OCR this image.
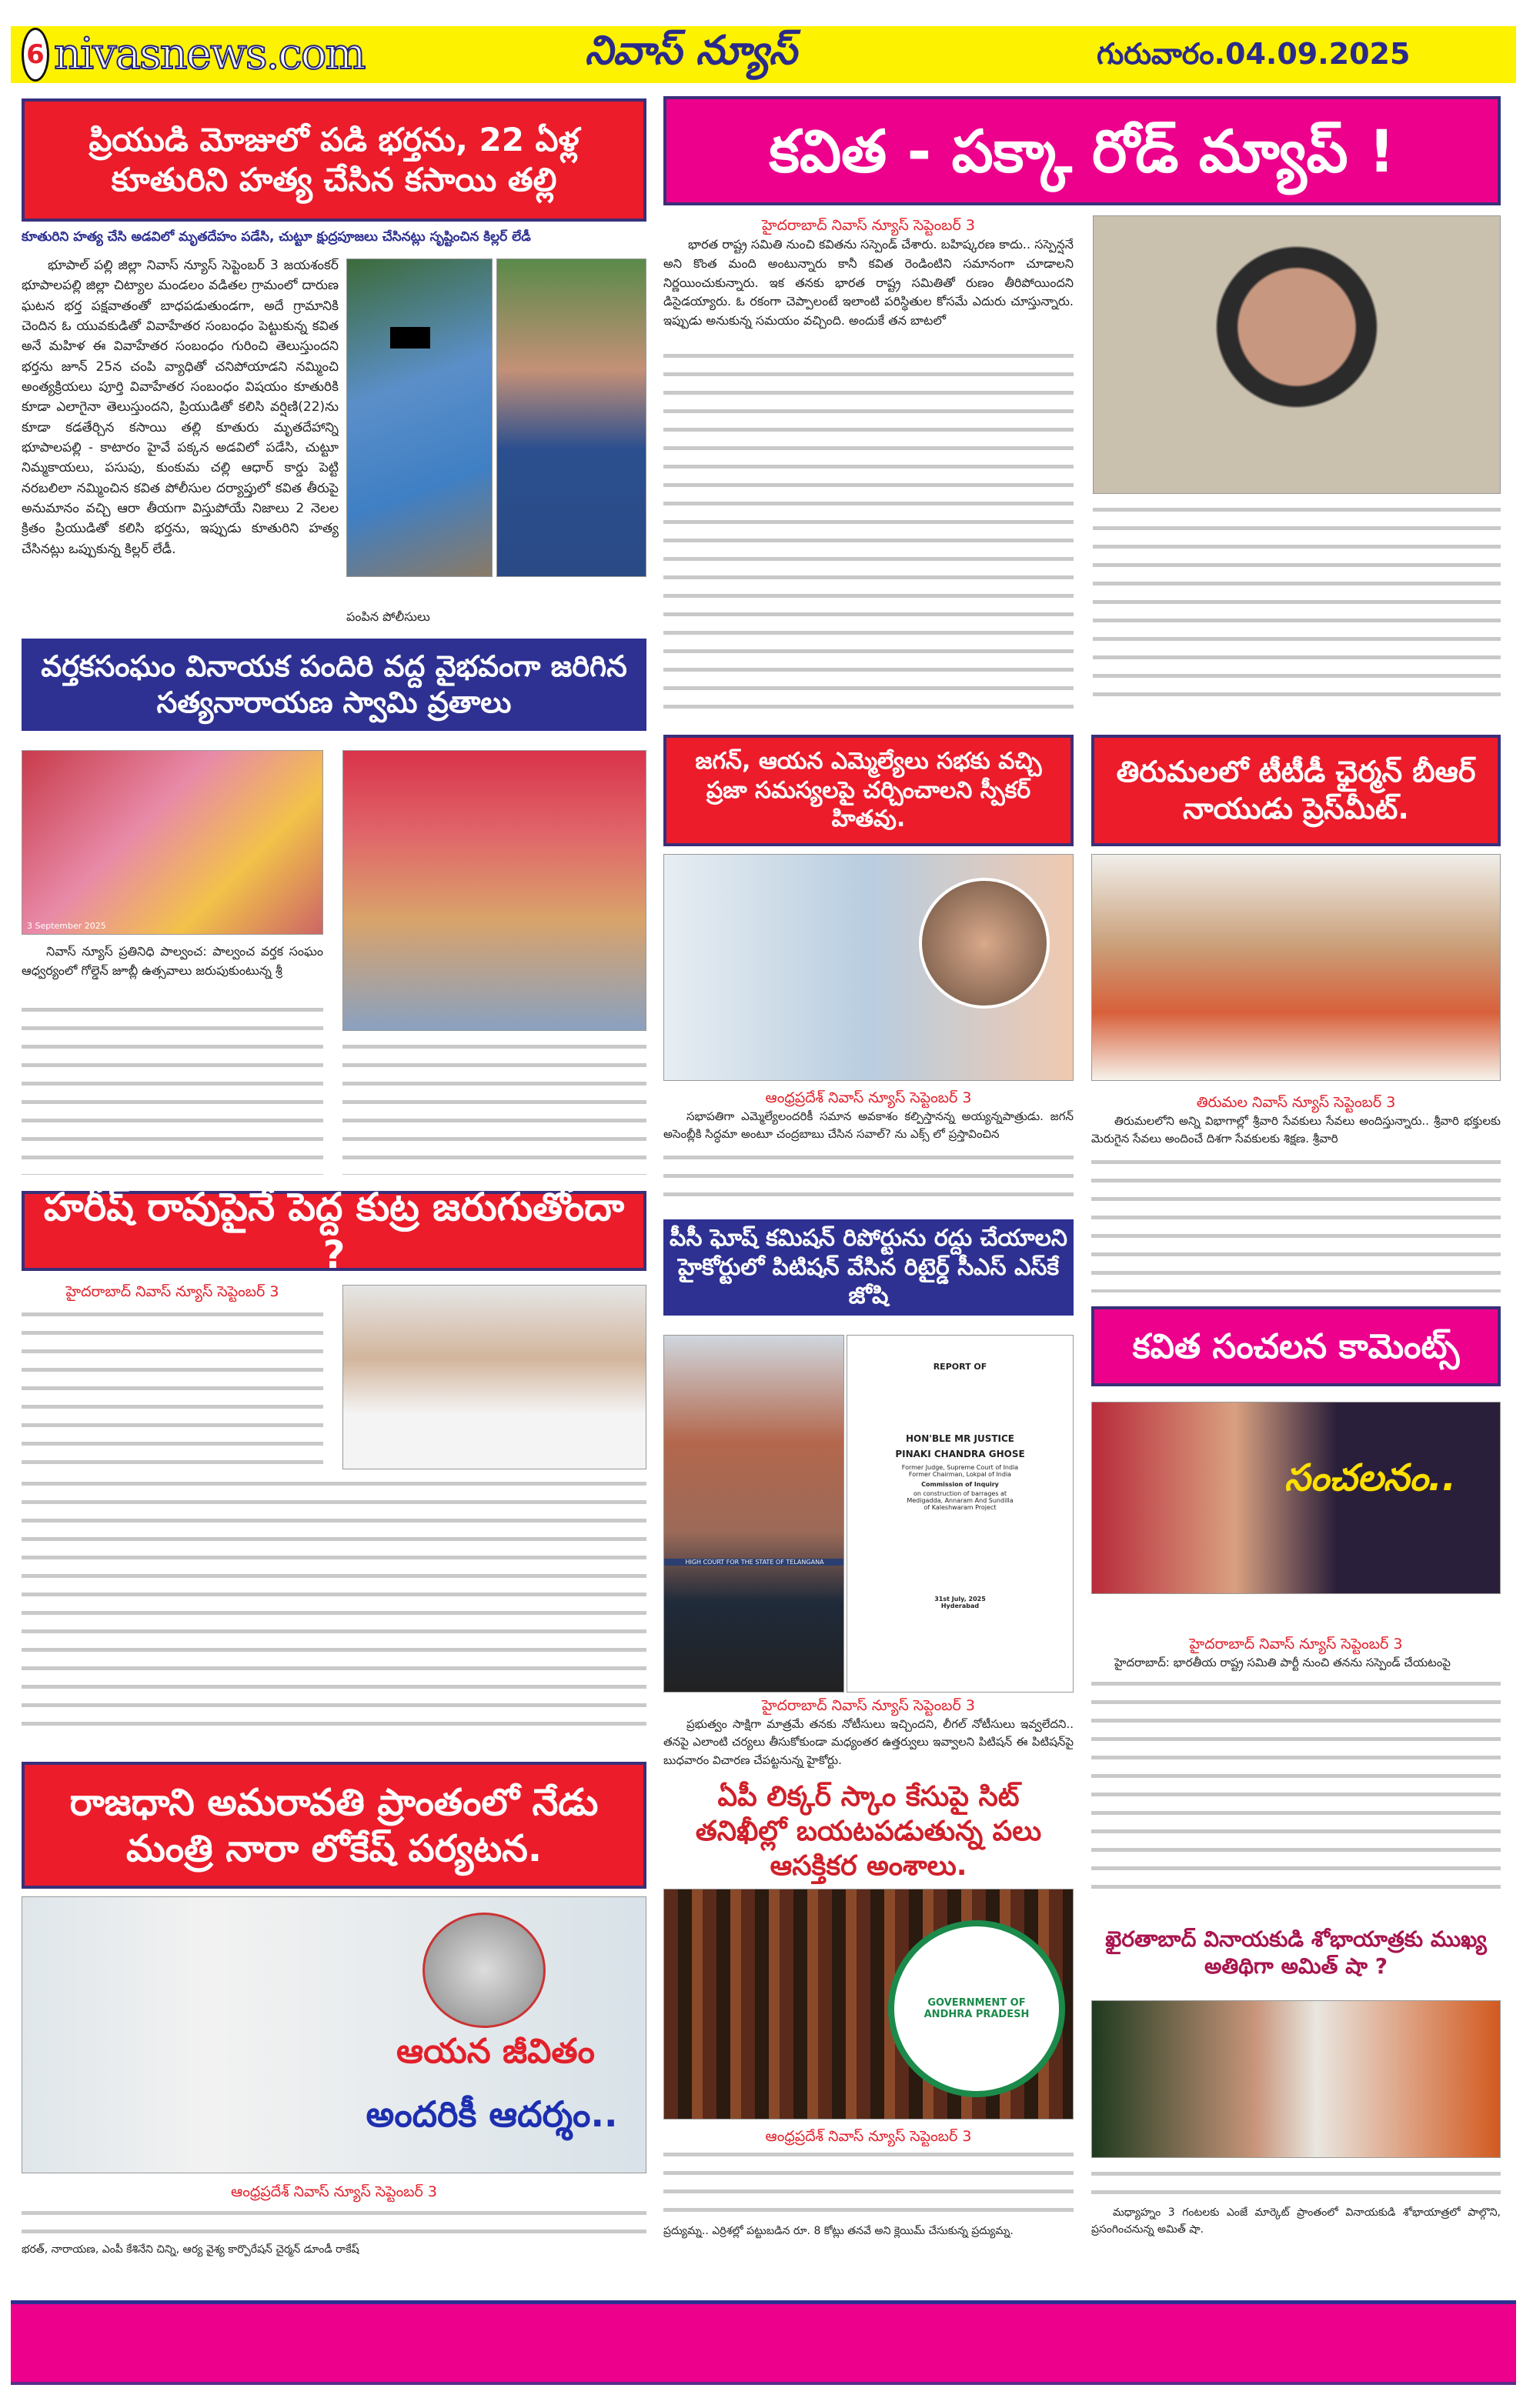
6 nivasnews.com	నివాస్ న్యూస్	గురువారం.04.09.2025
ప్రియుడి మోజులో పడి భర్తను, 22 ఏళ్ల కూతురిని హత్య చేసిన కసాయి తల్లి
కూతురిని హత్య చేసి అడవిలో మృతదేహం పడేసి, చుట్టూ క్షుద్రపూజలు చేసినట్లు సృష్టించిన కిల్లర్ లేడీ
భూపాల్ పల్లి జిల్లా నివాస్ న్యూస్ సెప్టెంబర్ 3 జయశంకర్ భూపాలపల్లి జిల్లా చిట్యాల మండలం వడితల గ్రామంలో దారుణ ఘటన భర్త పక్షవాతంతో బాధపడుతుండగా, అదే గ్రామానికి చెందిన ఓ యువకుడితో వివాహేతర సంబంధం పెట్టుకున్న కవిత అనే మహిళ ఈ వివాహేతర సంబంధం గురించి తెలుస్తుందని భర్తను జూన్ 25న చంపి వ్యాధితో చనిపోయాడని నమ్మించి అంత్యక్రియలు పూర్తి వివాహేతర సంబంధం విషయం కూతురికి కూడా ఎలాగైనా తెలుస్తుందని, ప్రియుడితో కలిసి వర్షిణి(22)ను కూడా కడతేర్చిన కసాయి తల్లి కూతురు మృతదేహాన్ని భూపాలపల్లి - కాటారం హైవే పక్కన అడవిలో పడేసి, చుట్టూ నిమ్మకాయలు, పసుపు, కుంకుమ చల్లి ఆధార్ కార్డు పెట్టి నరబలిలా నమ్మించిన కవిత పోలీసుల దర్యాప్తులో కవిత తీరుపై అనుమానం వచ్చి ఆరా తీయగా విస్తుపోయే నిజాలు 2 నెలల క్రితం ప్రియుడితో కలిసి భర్తను, ఇప్పుడు కూతురిని హత్య చేసినట్లు ఒప్పుకున్న కిల్లర్ లేడీ.
పంపిన పోలీసులు
వర్తకసంఘం వినాయక పందిరి వద్ద వైభవంగా జరిగిన సత్యనారాయణ స్వామి వ్రతాలు
3 September 2025
నివాస్ న్యూస్ ప్రతినిధి పాల్వంచ: పాల్వంచ వర్తక సంఘం ఆధ్వర్యంలో గోల్డెన్ జూబ్లీ ఉత్సవాలు జరుపుకుంటున్న శ్రీ
హరీష్ రావుపైనే పెద్ద కుట్ర జరుగుతోందా ?
హైదరాబాద్ నివాస్ న్యూస్ సెప్టెంబర్ 3
రాజధాని అమరావతి ప్రాంతంలో నేడు మంత్రి నారా లోకేష్ పర్యటన.
ఆయన జీవితం
అందరికీ ఆదర్శం..
ఆంధ్రప్రదేశ్ నివాస్ న్యూస్ సెప్టెంబర్ 3
భరత్, నారాయణ, ఎంపీ కేశినేని చిన్ని, ఆర్య వైశ్య కార్పొరేషన్ చైర్మన్ డూండీ రాకేష్
కవిత - పక్కా రోడ్ మ్యాప్ !
హైదరాబాద్ నివాస్ న్యూస్ సెప్టెంబర్ 3
భారత రాష్ట్ర సమితి నుంచి కవితను సస్పెండ్ చేశారు. బహిష్కరణ కాదు.. సస్పెన్షనే అని కొంత మంది అంటున్నారు కానీ కవిత రెండింటిని సమానంగా చూడాలని నిర్ణయించుకున్నారు. ఇక తనకు భారత రాష్ట్ర సమితితో రుణం తీరిపోయిందని డిసైడయ్యారు. ఓ రకంగా చెప్పాలంటే ఇలాంటి పరిస్థితుల కోసమే ఎదురు చూస్తున్నారు. ఇప్పుడు అనుకున్న సమయం వచ్చింది. అందుకే తన బాటలో
జగన్, ఆయన ఎమ్మెల్యేలు సభకు వచ్చి ప్రజా సమస్యలపై చర్చించాలని స్పీకర్ హితవు.
ఆంధ్రప్రదేశ్ నివాస్ న్యూస్ సెప్టెంబర్ 3
సభాపతిగా ఎమ్మెల్యేలందరికీ సమాన అవకాశం కల్పిస్తానన్న అయ్యన్నపాత్రుడు. జగన్ అసెంబ్లీకి సిద్ధమా అంటూ చంద్రబాబు చేసిన సవాల్? ను ఎక్స్ లో ప్రస్తావించిన
తిరుమలలో టీటీడీ ఛైర్మన్ బీఆర్ నాయుడు ప్రెస్‌మీట్.
తిరుమల నివాస్ న్యూస్ సెప్టెంబర్ 3
తిరుమలలోని అన్ని విభాగాల్లో శ్రీవారి సేవకులు సేవలు అందిస్తున్నారు.. శ్రీవారి భక్తులకు మెరుగైన సేవలు అందించే దిశగా సేవకులకు శిక్షణ. శ్రీవారి
పీసీ ఘోష్ కమిషన్ రిపోర్టును రద్దు చేయాలని హైకోర్టులో పిటిషన్ వేసిన రిటైర్డ్ సీఎస్ ఎస్‌కే జోషి
HIGH COURT FOR THE STATE OF TELANGANA
REPORT OF
HON'BLE MR JUSTICE
PINAKI CHANDRA GHOSE
Former Judge, Supreme Court of India
Former Chairman, Lokpal of India
Commission of Inquiry
on construction of barrages at
Medigadda, Annaram And Sundilla
of Kaleshwaram Project
31st July, 2025
Hyderabad
హైదరాబాద్ నివాస్ న్యూస్ సెప్టెంబర్ 3
ప్రభుత్వం సాక్షిగా మాత్రమే తనకు నోటీసులు ఇచ్చిందని, లీగల్ నోటీసులు ఇవ్వలేదని.. తనపై ఎలాంటి చర్యలు తీసుకోకుండా మధ్యంతర ఉత్తర్వులు ఇవ్వాలని పిటిషన్ ఈ పిటిషన్‌పై బుధవారం విచారణ చేపట్టనున్న హైకోర్టు.
ఏపీ లిక్కర్ స్కాం కేసుపై సిట్ తనిఖీల్లో బయటపడుతున్న పలు ఆసక్తికర అంశాలు.
GOVERNMENT OF ANDHRA PRADESH
ఆంధ్రప్రదేశ్ నివాస్ న్యూస్ సెప్టెంబర్ 3
ప్రద్యుమ్న.. ఎర్రిశల్లో పట్టుబడిన రూ. 8 కోట్లు తనవే అని క్లెయిమ్ చేసుకున్న ప్రద్యుమ్న.
కవిత సంచలన కామెంట్స్
సంచలనం..
హైదరాబాద్ నివాస్ న్యూస్ సెప్టెంబర్ 3
హైదరాబాద్: భారతీయ రాష్ట్ర సమితి పార్టీ నుంచి తనను సస్పెండ్ చేయటంపై
ఖైరతాబాద్ వినాయకుడి శోభాయాత్రకు ముఖ్య అతిథిగా అమిత్ షా ?
మధ్యాహ్నం 3 గంటలకు ఎంజే మార్కెట్ ప్రాంతంలో వినాయకుడి శోభాయాత్రలో పాల్గొని, ప్రసంగించనున్న అమిత్ షా.
